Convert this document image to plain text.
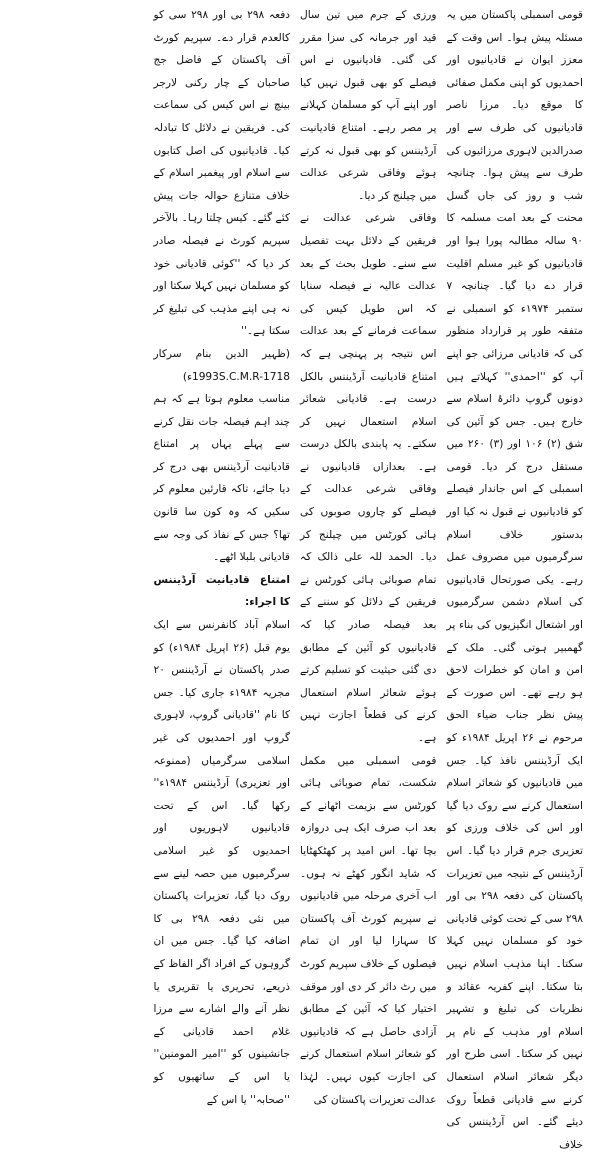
قومی اسمبلی پاکستان میں یہ مسئلہ پیش ہوا۔ اس وقت کے معزز ایوان نے قادیانیوں اور احمدیوں کو اپنی مکمل صفائی کا موقع دیا۔ مرزا ناصر قادیانیوں کی طرف سے اور صدرالدین لاہوری مرزائیوں کی طرف سے پیش ہوا۔ چنانچہ شب و روز کی جاں گسل محنت کے بعد امت مسلمہ کا ۹۰ سالہ مطالبہ پورا ہوا اور قادیانیوں کو غیر مسلم اقلیت قرار دے دیا گیا۔ چنانچہ ۷ ستمبر ۱۹۷۴ء کو اسمبلی نے متفقہ طور پر قرارداد منظور کی کہ قادیانی مرزائی جو اپنے آپ کو ''احمدی'' کہلاتے ہیں دونوں گروپ دائرۂ اسلام سے خارج ہیں۔ جس کو آئین کی شق (۲) ۱۰۶ اور (۳) ۲۶۰ میں مستقل درج کر دیا۔ قومی اسمبلی کے اس جاندار فیصلے کو قادیانیوں نے قبول نہ کیا اور بدستور خلاف اسلام سرگرمیوں میں مصروف عمل رہے۔ یکی صورتحال قادیانیوں کی اسلام دشمن سرگرمیوں اور اشتعال انگیزیوں کی بناء پر گھمبیر ہوتی گئی۔ ملک کے امن و امان کو خطرات لاحق ہو رہے تھے۔ اس صورت کے پیش نظر جناب ضیاء الحق مرحوم نے ۲۶ اپریل ۱۹۸۴ء کو ایک آرڈیننس نافذ کیا۔ جس میں قادیانیوں کو شعائر اسلام استعمال کرنے سے روک دیا گیا اور اس کی خلاف ورزی کو تعزیری جرم قرار دیا گیا۔ اس آرڈیننس کے نتیجہ میں تعزیرات پاکستان کی دفعہ ۲۹۸ بی اور ۲۹۸ سی کے تحت کوئی قادیانی خود کو مسلمان نہیں کہلا سکتا۔ اپنا مذہب اسلام نہیں بتا سکتا۔ اپنے کفریہ عقائد و نظریات کی تبلیغ و تشہیر اسلام اور مذہب کے نام پر نہیں کر سکتا۔ اسی طرح اور دیگر شعائر اسلام استعمال کرنے سے قادیانی قطعاً روک دیئے گئے۔ اس آرڈیننس کی خلاف

ورزی کے جرم میں تین سال قید اور جرمانہ کی سزا مقرر کی گئی۔ قادیانیوں نے اس فیصلے کو بھی قبول نہیں کیا اور اپنے آپ کو مسلمان کہلانے پر مصر رہے۔ امتناع قادیانیت آرڈیننس کو بھی قبول نہ کرتے ہوئے وفاقی شرعی عدالت میں چیلنج کر دیا۔

وفاقی شرعی عدالت نے فریقین کے دلائل بہت تفصیل سے سنے۔ طویل بحث کے بعد عدالت عالیہ نے فیصلہ سنایا کہ اس طویل کیس کی سماعت فرمانے کے بعد عدالت اس نتیجہ پر پہنچی ہے کہ امتناع قادیانیت آرڈیننس بالکل درست ہے۔ قادیانی شعائر اسلام استعمال نہیں کر سکتے۔ یہ پابندی بالکل درست ہے۔ بعدازاں قادیانیوں نے وفاقی شرعی عدالت کے فیصلے کو چاروں صوبوں کی ہائی کورٹس میں چیلنج کر دیا۔ الحمد للہ علی ذالک کہ تمام صوبائی ہائی کورٹس نے فریقین کے دلائل کو سننے کے بعد فیصلہ صادر کیا کہ قادیانیوں کو آئین کے مطابق دی گئی حیثیت کو تسلیم کرتے ہوئے شعائر اسلام استعمال کرنے کی قطعاً اجازت نہیں ہے۔

قومی اسمبلی میں مکمل شکست، تمام صوبائی ہائی کورٹس سے بزیمت اٹھانے کے بعد اب صرف ایک ہی دروازہ بچا تھا۔ اس امید پر کھٹکھٹایا کہ شاید انگور کھٹے نہ ہوں۔ اب آخری مرحلہ میں قادیانیوں نے سپریم کورٹ آف پاکستان کا سہارا لیا اور ان تمام فیصلوں کے خلاف سپریم کورٹ میں رٹ دائر کر دی اور موقف اختیار کیا کہ آئین کے مطابق آزادی حاصل ہے کہ قادیانیوں کو شعائر اسلام استعمال کرنے کی اجازت کیوں نہیں۔ لہٰذا عدالت تعزیرات پاکستان کی

دفعہ ۲۹۸ بی اور ۲۹۸ سی کو کالعدم قرار دے۔ سپریم کورٹ آف پاکستان کے فاضل جج صاحبان کے چار رکنی لارجر بینچ نے اس کیس کی سماعت کی۔ فریقین نے دلائل کا تبادلہ کیا۔ قادیانیوں کی اصل کتابوں سے اسلام اور پیغمبر اسلام کے خلاف متنازع حوالہ جات پیش کئے گئے۔ کیس چلتا رہا۔ بالآخر سپریم کورٹ نے فیصلہ صادر کر دیا کہ ''کوئی قادیانی خود کو مسلمان نہیں کہلا سکتا اور نہ ہی اپنے مذہب کی تبلیغ کر سکتا ہے۔''

(ظہیر الدین بنام سرکار 1993S.C.M.R-1718ء)

مناسب معلوم ہوتا ہے کہ ہم چند اہم فیصلہ جات نقل کرنے سے پہلے یہاں پر امتناع قادیانیت آرڈیننس بھی درج کر دیا جائے، تاکہ قارئین معلوم کر سکیں کہ وہ کون سا قانون تھا؟ جس کے نفاذ کی وجہ سے قادیانی بلبلا اٹھے۔

امتناع قادیانیت آرڈیننس کا اجراء:

اسلام آباد کانفرنس سے ایک یوم قبل (۲۶ اپریل ۱۹۸۴ء) کو صدر پاکستان نے آرڈیننس ۲۰ مجریہ ۱۹۸۴ء جاری کیا۔ جس کا نام ''قادیانی گروپ، لاہوری گروپ اور احمدیوں کی غیر اسلامی سرگرمیاں (ممنوعہ اور تعزیری) آرڈیننس ۱۹۸۴ء'' رکھا گیا۔ اس کے تحت قادیانیوں لاہوریوں اور احمدیوں کو غیر اسلامی سرگرمیوں میں حصہ لینے سے روک دیا گیا، تعزیرات پاکستان میں نئی دفعہ ۲۹۸ بی کا اضافہ کیا گیا۔ جس میں ان گروہوں کے افراد اگر الفاظ کے ذریعے، تحریری یا تقریری یا نظر آنے والے اشارے سے مرزا غلام احمد قادیانی کے جانشینوں کو ''امیر المومنین'' یا اس کے ساتھیوں کو ''صحابہ'' یا اس کے
